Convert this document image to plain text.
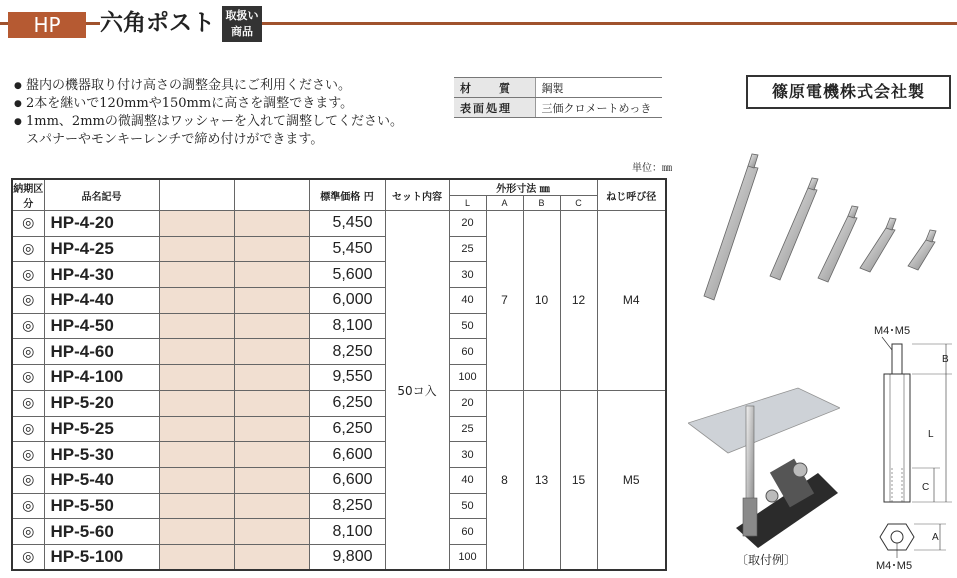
HP	六角ポスト 取扱い
商品
● 盤内の機器取り付け高さの調整金具にご利用ください。
● 2本を継いで120mmや150mmに高さを調整できます。
● 1mm、2mmの微調整はワッシャーを入れて調整してください。
スパナーやモンキーレンチで締め付けができます。
材　　質	鋼製
表面処理	三価クロメートめっき
篠原電機株式会社製
単位：㎜
納期区分	品名記号			標準価格 円	セット内容	外形寸法 ㎜				ねじ呼び径
						L	A	B	C	
◎	HP-4-20			5,450	50コ入	20	7	10	12	M4
◎	HP-4-25			5,450		25				
◎	HP-4-30			5,600		30				
◎	HP-4-40			6,000		40				
◎	HP-4-50			8,100		50				
◎	HP-4-60			8,250		60				
◎	HP-4-100			9,550		100				
◎	HP-5-20			6,250		20	8	13	15	M5
◎	HP-5-25			6,250		25				
◎	HP-5-30			6,600		30				
◎	HP-5-40			6,600		40				
◎	HP-5-50			8,250		50				
◎	HP-5-60			8,100		60				
◎	HP-5-100			9,800		100					〔取付例〕
M4･M5
B
L
C
A
M4･M5
